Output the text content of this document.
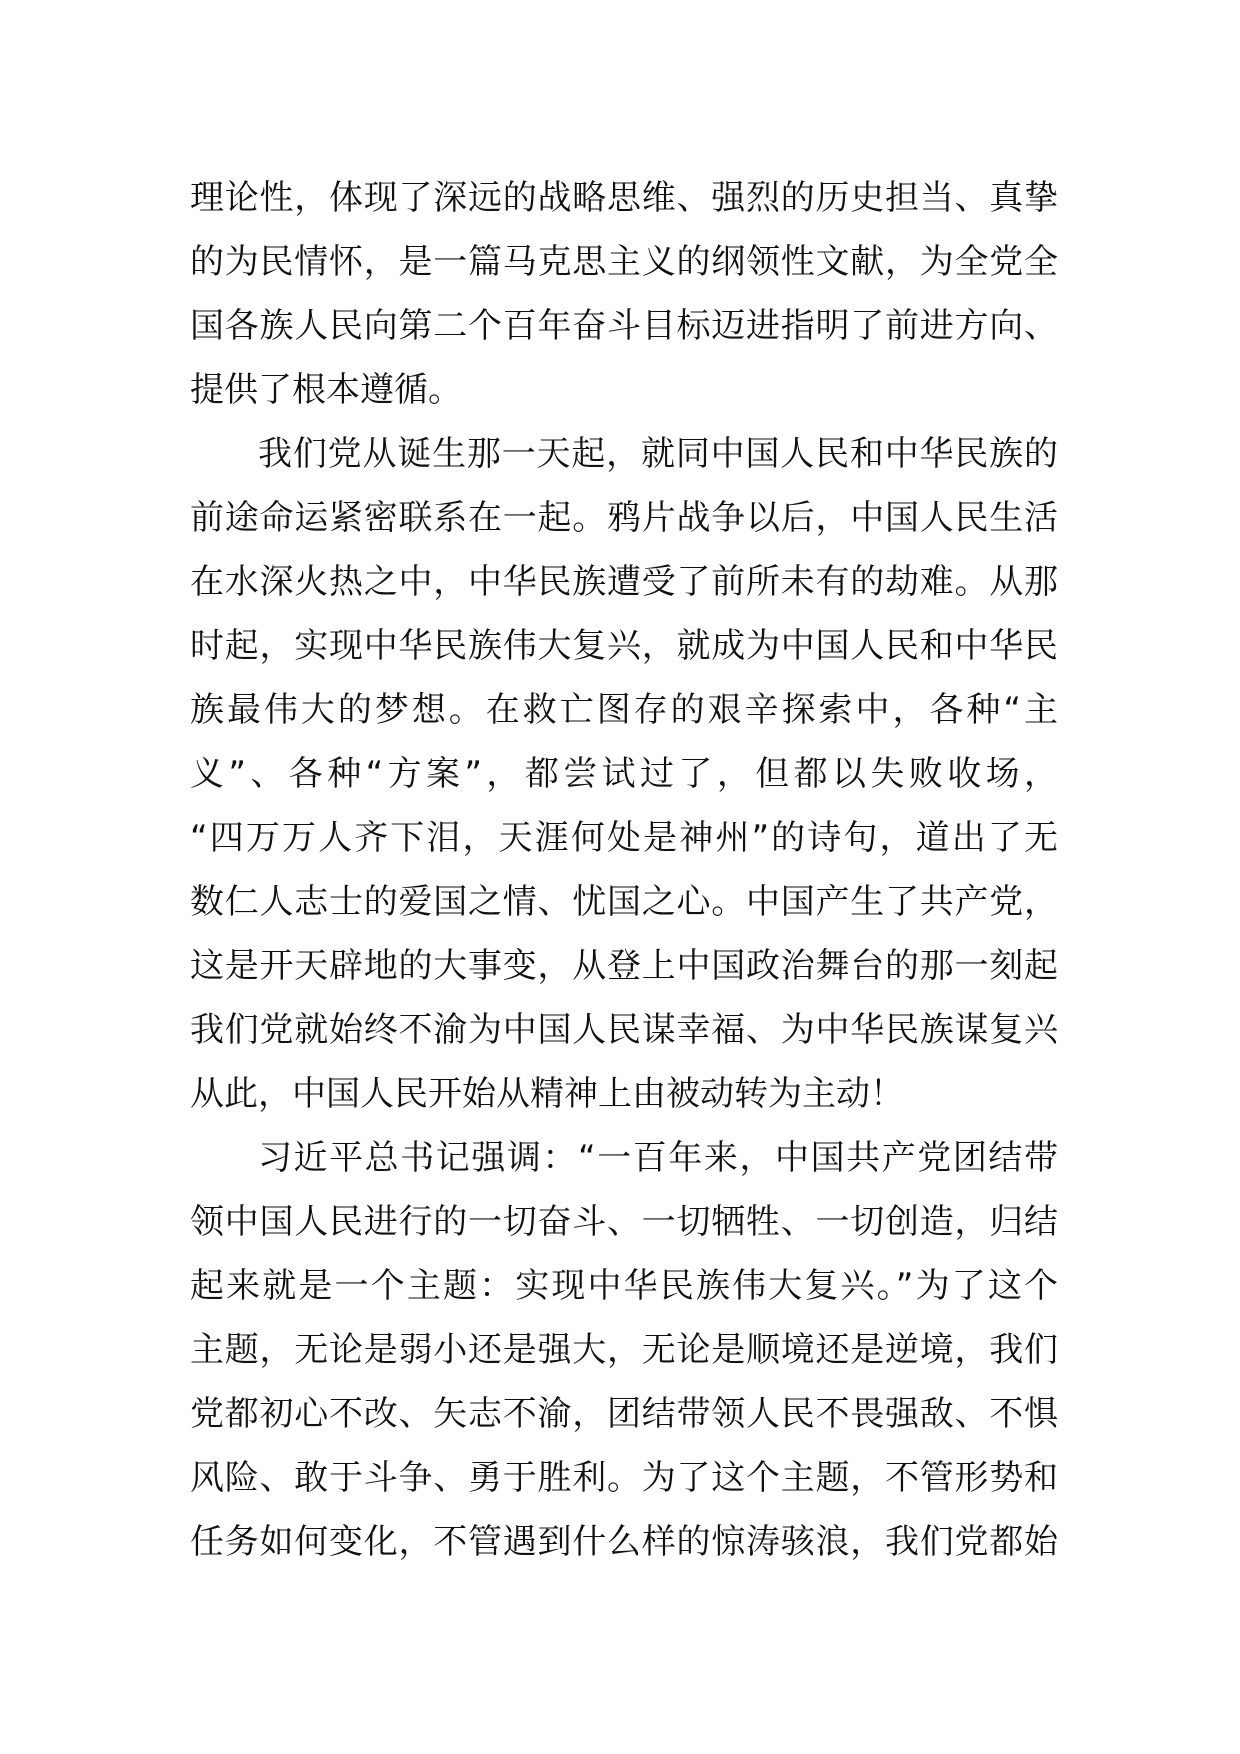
理论性，体现了深远的战略思维、强烈的历史担当、真挚
的为民情怀，是一篇马克思主义的纲领性文献，为全党全
国各族人民向第二个百年奋斗目标迈进指明了前进方向、
提供了根本遵循。
我们党从诞生那一天起，就同中国人民和中华民族的
前途命运紧密联系在一起。鸦片战争以后，中国人民生活
在水深火热之中，中华民族遭受了前所未有的劫难。从那
时起，实现中华民族伟大复兴，就成为中国人民和中华民
族最伟大的梦想。在救亡图存的艰辛探索中，各种“主
义”、各种“方案”，都尝试过了，但都以失败收场，
“四万万人齐下泪，天涯何处是神州”的诗句，道出了无
数仁人志士的爱国之情、忧国之心。中国产生了共产党，
这是开天辟地的大事变，从登上中国政治舞台的那一刻起
我们党就始终不渝为中国人民谋幸福、为中华民族谋复兴
从此，中国人民开始从精神上由被动转为主动！
习近平总书记强调：“一百年来，中国共产党团结带
领中国人民进行的一切奋斗、一切牺牲、一切创造，归结
起来就是一个主题：实现中华民族伟大复兴。”为了这个
主题，无论是弱小还是强大，无论是顺境还是逆境，我们
党都初心不改、矢志不渝，团结带领人民不畏强敌、不惧
风险、敢于斗争、勇于胜利。为了这个主题，不管形势和
任务如何变化，不管遇到什么样的惊涛骇浪，我们党都始
